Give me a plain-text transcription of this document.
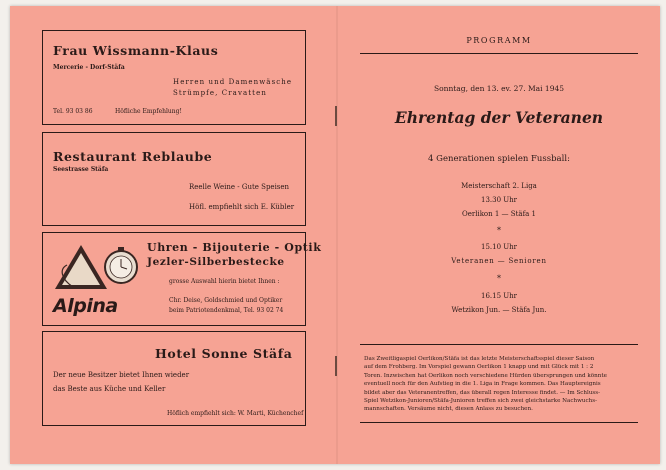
Frau Wissmann-Klaus
Mercerie - Dorf-Stäfa
Herren und Damenwäsche
Strümpfe, Cravatten
Tel. 93 03 86	Höfliche Empfehlung!
Restaurant Reblaube
Seestrasse Stäfa
Reelle Weine - Gute Speisen
Höfl. empfiehlt sich E. Kübler
Alpina
Uhren - Bijouterie - Optik
Jezler-Silberbestecke
grosse Auswahl hierin bietet Ihnen :
Chr. Deise, Goldschmied und Optiker
beim Patriotendenkmal, Tel. 93 02 74
Hotel Sonne Stäfa
Der neue Besitzer bietet Ihnen wieder
das Beste aus Küche und Keller
Höflich empfiehlt sich: W. Marti, Küchenchef
PROGRAMM
Sonntag, den 13. ev. 27. Mai 1945
Ehrentag der Veteranen
4 Generationen spielen Fussball:
Meisterschaft 2. Liga
13.30 Uhr
Oerlikon 1 — Stäfa 1
*
15.10 Uhr
Veteranen — Senioren
*
16.15 Uhr
Wetzikon Jun. — Stäfa Jun.
Das Zweitligaspiel Oerlikon/Stäfa ist das letzte Meisterschaftsspiel dieser Saison
auf dem Frohberg. Im Vorspiel gewann Oerlikon 1 knapp und mit Glück mit 1 : 2
Toren. Inzwischen hat Oerlikon noch verschiedene Hürden übersprungen und könnte
eventuell noch für den Aufstieg in die 1. Liga in Frage kommen. Das Hauptereignis
bildet aber das Veteranentreffen, das überall regen Interesse findet. — Im Schluss-
Spiel Wetzikon-Junioren/Stäfa-Junioren treffen sich zwei gleichstarke Nachwuchs-
mannschaften. Versäume nicht, diesen Anlass zu besuchen.
